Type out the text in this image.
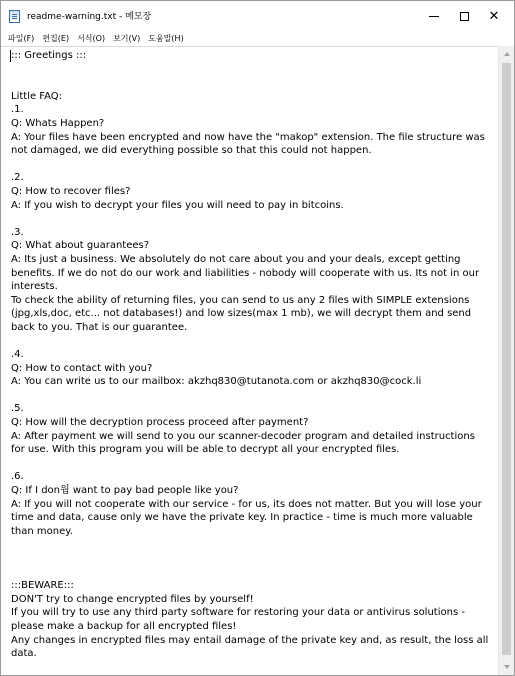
readme-warning.txt - 메모장	✕
파일(F)	편집(E)	서식(O)	보기(V)	도움말(H)
::: Greetings :::

Little FAQ:
.1.
Q: Whats Happen?
A: Your files have been encrypted and now have the "makop" extension. The file structure was not damaged, we did everything possible so that this could not happen.

.2.
Q: How to recover files?
A: If you wish to decrypt your files you will need to pay in bitcoins.

.3.
Q: What about guarantees?
A: Its just a business. We absolutely do not care about you and your deals, except getting benefits. If we do not do our work and liabilities - nobody will cooperate with us. Its not in our interests.
To check the ability of returning files, you can send to us any 2 files with SIMPLE extensions (jpg,xls,doc, etc... not databases!) and low sizes(max 1 mb), we will decrypt them and send back to you. That is our guarantee.

.4.
Q: How to contact with you?
A: You can write us to our mailbox: akzhq830@tutanota.com or akzhq830@cock.li

.5.
Q: How will the decryption process proceed after payment?
A: After payment we will send to you our scanner-decoder program and detailed instructions for use. With this program you will be able to decrypt all your encrypted files.

.6.
Q: If I don웜 want to pay bad people like you?
A: If you will not cooperate with our service - for us, its does not matter. But you will lose your time and data, cause only we have the private key. In practice - time is much more valuable than money.

:::BEWARE:::
DON'T try to change encrypted files by yourself!
If you will try to use any third party software for restoring your data or antivirus solutions - please make a backup for all encrypted files!
Any changes in encrypted files may entail damage of the private key and, as result, the loss all data.
